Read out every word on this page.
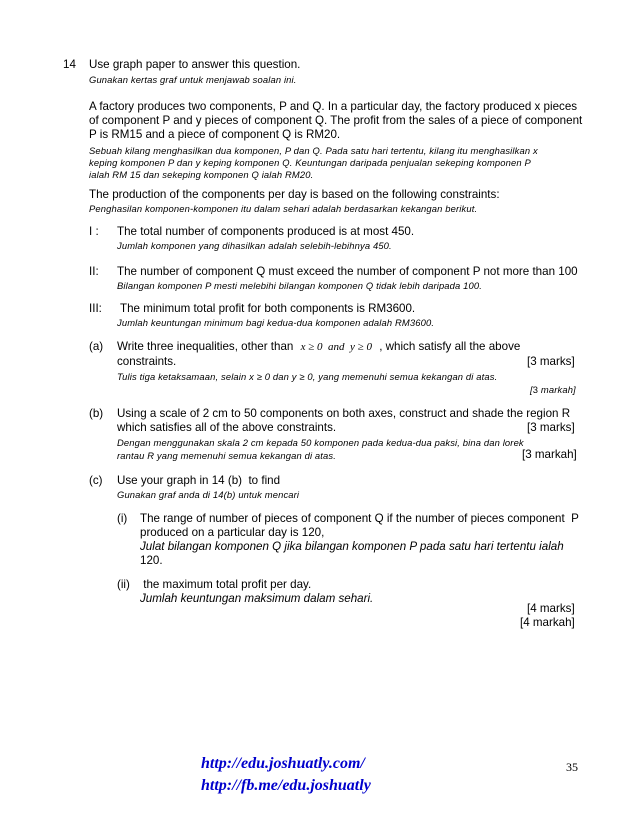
14 Use graph paper to answer this question.
Gunakan kertas graf untuk menjawab soalan ini.
A factory produces two components, P and Q. In a particular day, the factory produced x pieces
of component P and y pieces of component Q. The profit from the sales of a piece of component
P is RM15 and a piece of component Q is RM20.
Sebuah kilang menghasilkan dua komponen, P dan Q. Pada satu hari tertentu, kilang itu menghasilkan x
keping komponen P dan y keping komponen Q. Keuntungan daripada penjualan sekeping komponen P
ialah RM 15 dan sekeping komponen Q ialah RM20.
The production of the components per day is based on the following constraints:
Penghasilan komponen-komponen itu dalam sehari adalah berdasarkan kekangan berikut.
I : The total number of components produced is at most 450.
Jumlah komponen yang dihasilkan adalah selebih-lebihnya 450.
II: The number of component Q must exceed the number of component P not more than 100
Bilangan komponen P mesti melebihi bilangan komponen Q tidak lebih daripada 100.
III: The minimum total profit for both components is RM3600.
Jumlah keuntungan minimum bagi kedua-dua komponen adalah RM3600.
(a) Write three inequalities, other than x ≥ 0  and  y ≥ 0 , which satisfy all the above
constraints.	[3 marks]
Tulis tiga ketaksamaan, selain x ≥ 0 dan y ≥ 0, yang memenuhi semua kekangan di atas.
[3 markah]
(b) Using a scale of 2 cm to 50 components on both axes, construct and shade the region R
which satisfies all of the above constraints.	[3 marks]
Dengan menggunakan skala 2 cm kepada 50 komponen pada kedua-dua paksi, bina dan lorek
rantau R yang memenuhi semua kekangan di atas.	[3 markah]
(c) Use your graph in 14 (b)  to find
Gunakan graf anda di 14(b) untuk mencari
(i) The range of number of pieces of component Q if the number of pieces component  P
produced on a particular day is 120,
Julat bilangan komponen Q jika bilangan komponen P pada satu hari tertentu ialah
120.
(ii) the maximum total profit per day.
Jumlah keuntungan maksimum dalam sehari.
[4 marks]
[4 markah]
http://edu.joshuatly.com/
http://fb.me/edu.joshuatly
35
